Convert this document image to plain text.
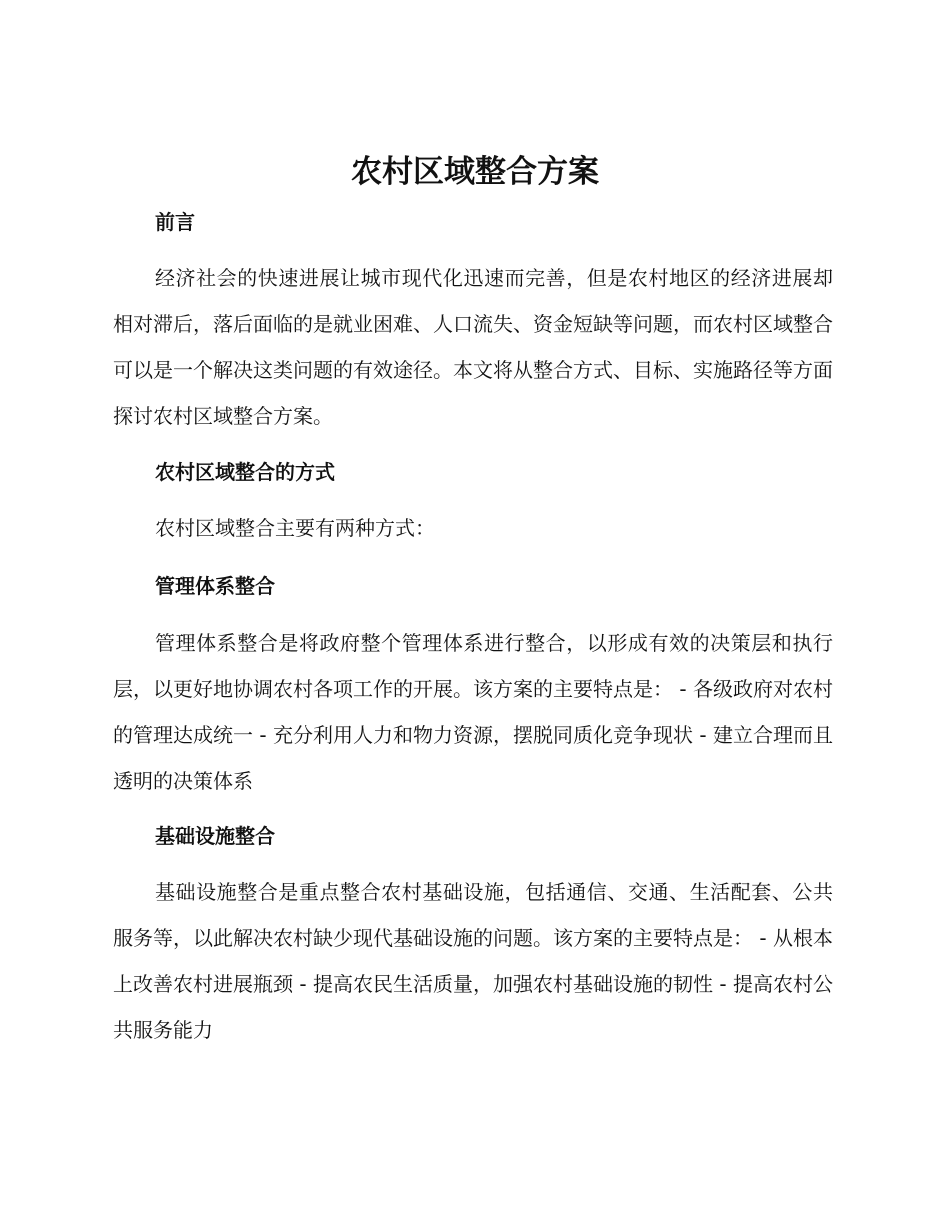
农村区域整合方案
前言

经济社会的快速进展让城市现代化迅速而完善，但是农村地区的经济进展却相对滞后，落后面临的是就业困难、人口流失、资金短缺等问题，而农村区域整合可以是一个解决这类问题的有效途径。本文将从整合方式、目标、实施路径等方面探讨农村区域整合方案。

农村区域整合的方式

农村区域整合主要有两种方式：

管理体系整合

管理体系整合是将政府整个管理体系进行整合，以形成有效的决策层和执行层，以更好地协调农村各项工作的开展。该方案的主要特点是： - 各级政府对农村的管理达成统一 - 充分利用人力和物力资源，摆脱同质化竞争现状 - 建立合理而且透明的决策体系

基础设施整合

基础设施整合是重点整合农村基础设施，包括通信、交通、生活配套、公共服务等，以此解决农村缺少现代基础设施的问题。该方案的主要特点是： - 从根本上改善农村进展瓶颈 - 提高农民生活质量，加强农村基础设施的韧性 - 提高农村公共服务能力
